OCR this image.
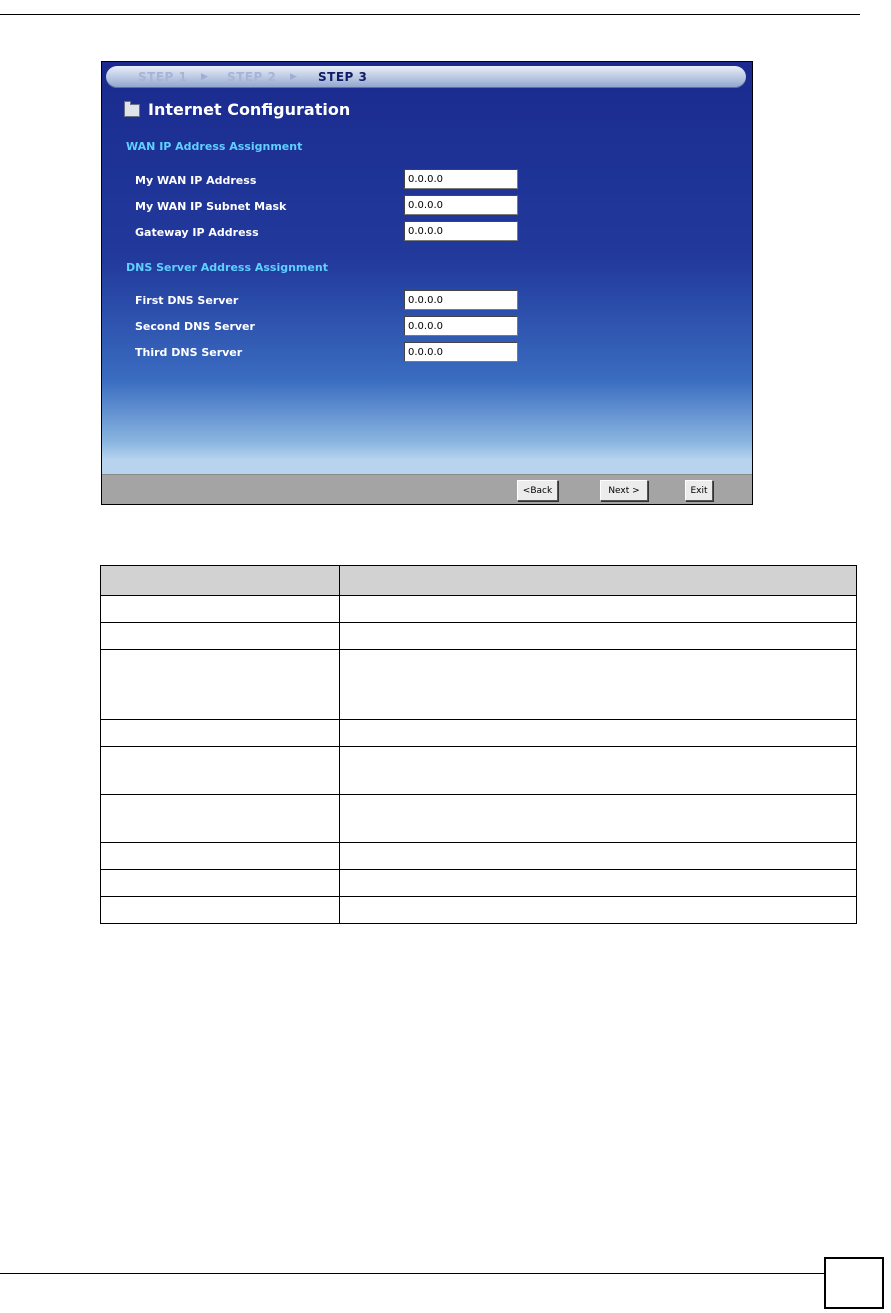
STEP 1 ▶ STEP 2 ▶ STEP 3
Internet Configuration
WAN IP Address Assignment
My WAN IP Address
0.0.0.0
My WAN IP Subnet Mask
0.0.0.0
Gateway IP Address
0.0.0.0
DNS Server Address Assignment
First DNS Server
0.0.0.0
Second DNS Server
0.0.0.0
Third DNS Server
0.0.0.0
<Back	Next >	Exit
